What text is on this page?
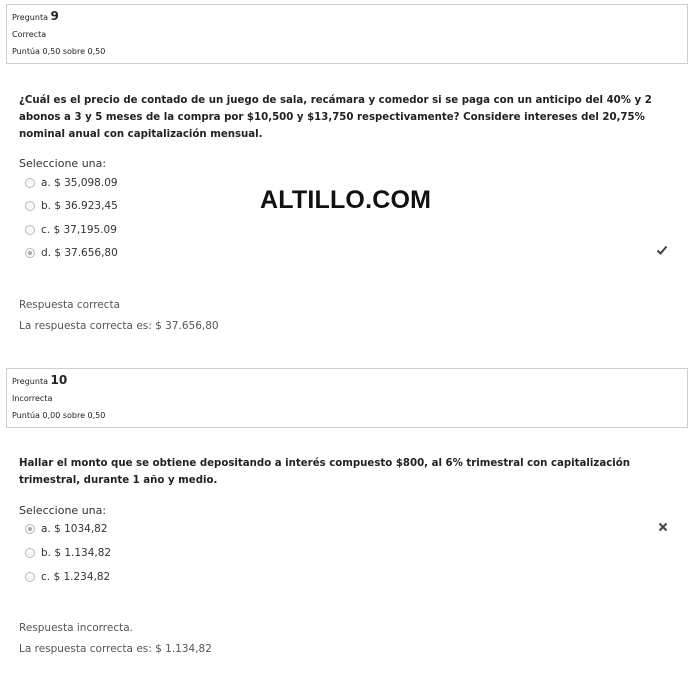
Pregunta 9
Correcta
Puntúa 0,50 sobre 0,50
¿Cuál es el precio de contado de un juego de sala, recámara y comedor si se paga con un anticipo del 40% y 2 abonos a 3 y 5 meses de la compra por $10,500 y $13,750 respectivamente? Considere intereses del 20,75% nominal anual con capitalización mensual.
Seleccione una:
a. $ 35,098.09
b. $ 36.923,45
c. $ 37,195.09
d. $ 37.656,80
Respuesta correcta
La respuesta correcta es: $ 37.656,80
ALTILLO.COM
Pregunta 10
Incorrecta
Puntúa 0,00 sobre 0,50
Hallar el monto que se obtiene depositando a interés compuesto $800, al 6% trimestral con capitalización trimestral, durante 1 año y medio.
Seleccione una:
a. $ 1034,82
b. $ 1.134,82
c. $ 1.234,82
Respuesta incorrecta.
La respuesta correcta es: $ 1.134,82
